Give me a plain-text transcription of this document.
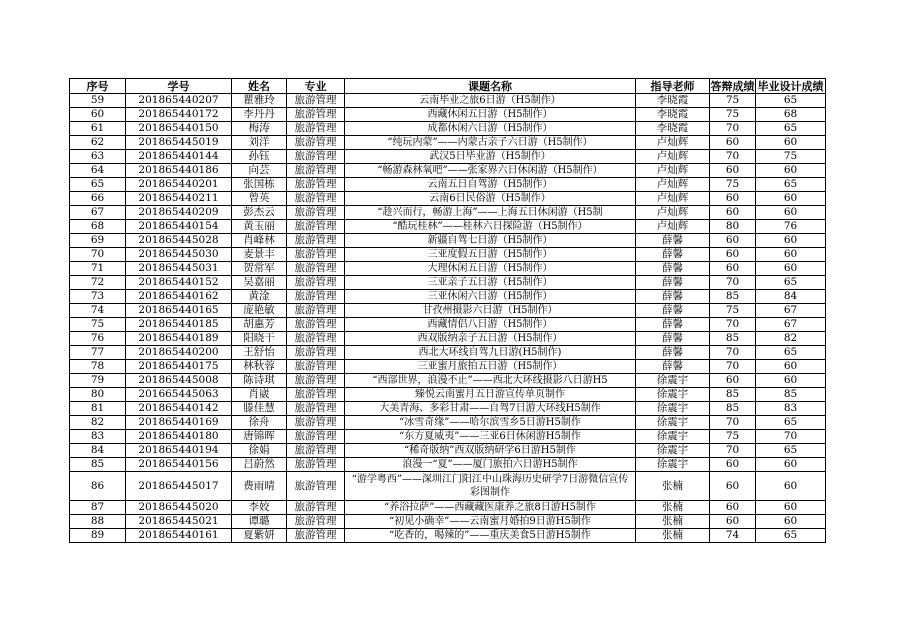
序号	学号	姓名	专业	课题名称	指导老师	答辩成绩	毕业设计成绩
59	201865440207	瞿雅玲	旅游管理	云南毕业之旅6日游（H5制作）	李晓霞	75	65
60	201865440172	李丹丹	旅游管理	西藏休闲五日游（H5制作）	李晓霞	75	68
61	201865440150	梅涛	旅游管理	成都休闲六日游（H5制作）	李晓霞	70	65
62	201865445019	刘洋	旅游管理	“纯玩内蒙”——内蒙古亲子六日游（H5制作）	卢灿辉	60	60
63	201865440144	孙钰	旅游管理	武汉5日毕业游（H5制作）	卢灿辉	70	75
64	201865440186	向芸	旅游管理	“畅游森林氧吧”——张家界六日休闲游（H5制作）	卢灿辉	60	60
65	201865440201	张国栋	旅游管理	云南五日自驾游（H5制作）	卢灿辉	75	65
66	201865440211	曾英	旅游管理	云南6日民俗游（H5制作）	卢灿辉	60	60
67	201865440209	彭杰云	旅游管理	“趁兴而行，畅游上海”——上海五日休闲游（H5制	卢灿辉	60	60
68	201865440154	黄玉丽	旅游管理	“酷玩桂林”——桂林六日探险游（H5制作）	卢灿辉	80	76
69	201865445028	肖峰林	旅游管理	新疆自驾七日游（H5制作）	薛馨	60	60
70	201865445030	麦景丰	旅游管理	三亚度假五日游（H5制作）	薛馨	60	60
71	201865445031	贺常军	旅游管理	大理休闲五日游（H5制作）	薛馨	60	60
72	201865440152	吴嘉丽	旅游管理	三亚亲子五日游（H5制作）	薛馨	70	65
73	201865440162	黄淦	旅游管理	三亚休闲六日游（H5制作）	薛馨	85	84
74	201865440165	庞艳敏	旅游管理	甘孜州摄影六日游（H5制作）	薛馨	75	67
75	201865440185	胡惠芳	旅游管理	西藏情侣八日游（H5制作）	薛馨	70	67
76	201865440189	阳晓干	旅游管理	西双版纳亲子五日游（H5制作）	薛馨	85	82
77	201865440200	王舒怡	旅游管理	西北大环线自驾九日游(H5制作)	薛馨	70	65
78	201865440175	林秋蓉	旅游管理	三亚蜜月旅拍五日游（H5制作）	薛馨	70	60
79	201865445008	陈诗琪	旅游管理	“西部世界，浪漫不止”——西北大环线摄影八日游H5	徐震宇	60	60
80	201665445063	肖崴	旅游管理	臻悦云南蜜月五日游宣传单页制作	徐震宇	85	85
81	201865440142	滕佳慧	旅游管理	大美青海、多彩甘肃——自驾7日游大环线H5制作	徐震宇	85	83
82	201865440169	徐舟	旅游管理	“冰雪奇缘”——哈尔滨雪乡5日游H5制作	徐震宇	70	65
83	201865440180	唐锦晖	旅游管理	“东方夏威夷”——三亚6日休闲游H5制作	徐震宇	75	70
84	201865440194	徐娟	旅游管理	“稀奇版纳”西双版纳研学6日游H5制作	徐震宇	70	65
85	201865440156	吕蔚然	旅游管理	浪漫一“夏”——厦门旅拍六日游H5制作	徐震宇	60	60
86	201865445017	费雨晴	旅游管理	“游学粤西”——深圳江门阳江中山珠海历史研学7日游微信宣传彩图制作	张楠	60	60
87	201865445020	李姣	旅游管理	“养浴拉萨”——西藏藏医康养之旅8日游H5制作	张楠	60	60
88	201865445021	谭璐	旅游管理	“初见小确幸”——云南蜜月婚拍9日游H5制作	张楠	60	60
89	201865440161	夏紫妍	旅游管理	“吃香的，喝辣的”——重庆美食5日游H5制作	张楠	74	65
